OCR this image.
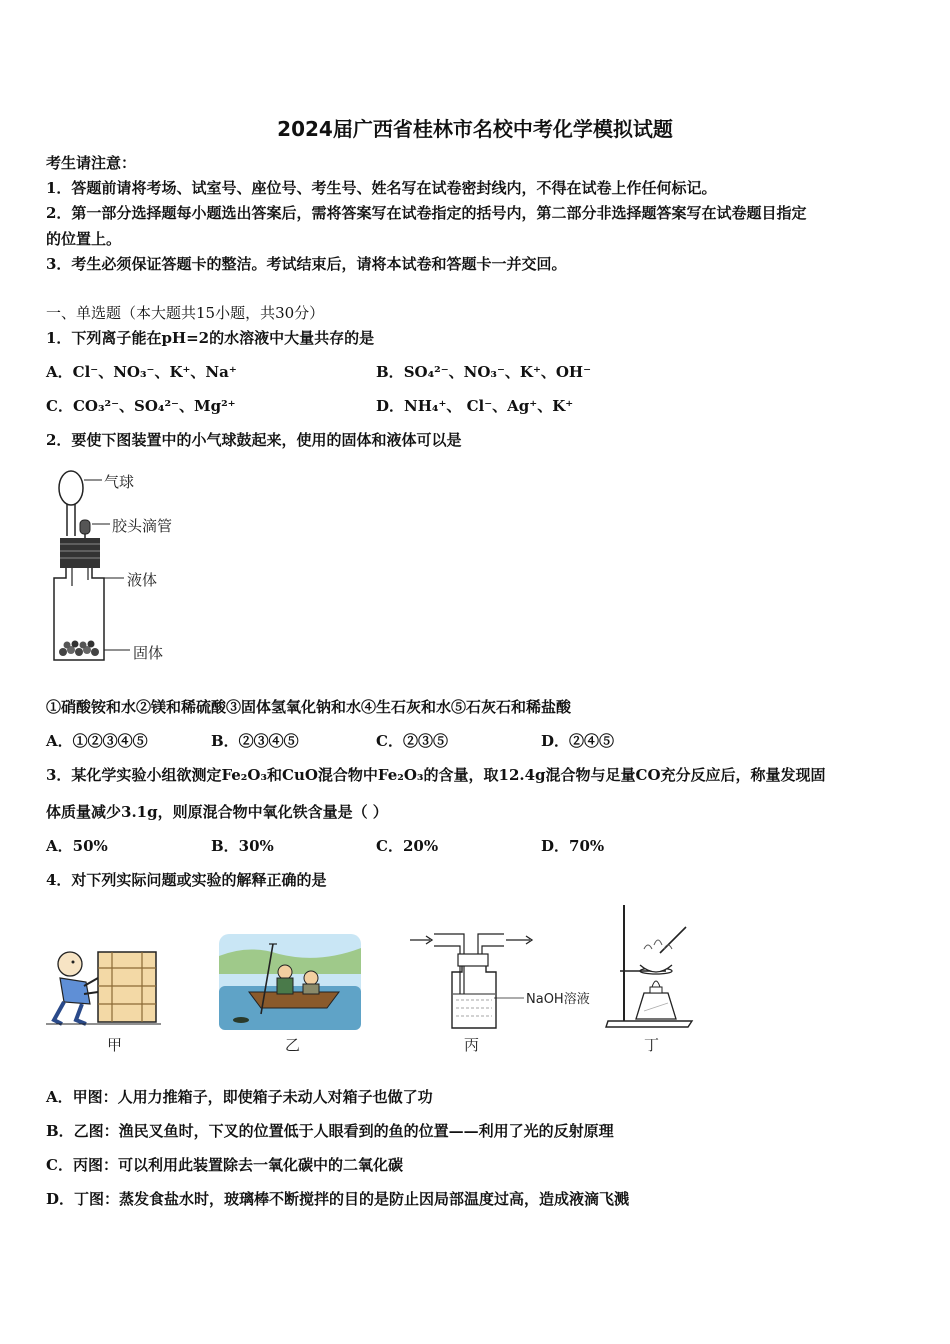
2024届广西省桂林市名校中考化学模拟试题
考生请注意：
1．答题前请将考场、试室号、座位号、考生号、姓名写在试卷密封线内，不得在试卷上作任何标记。
2．第一部分选择题每小题选出答案后，需将答案写在试卷指定的括号内，第二部分非选择题答案写在试卷题目指定
的位置上。
3．考生必须保证答题卡的整洁。考试结束后，请将本试卷和答题卡一并交回。
一、单选题（本大题共15小题，共30分）
1．下列离子能在pH=2的水溶液中大量共存的是
A．Cl⁻、NO₃⁻、K⁺、Na⁺	B．SO₄²⁻、NO₃⁻、K⁺、OH⁻
C．CO₃²⁻、SO₄²⁻、Mg²⁺	D．NH₄⁺、 Cl⁻、Ag⁺、K⁺
2．要使下图装置中的小气球鼓起来，使用的固体和液体可以是
气球
胶头滴管
液体
固体
①硝酸铵和水②镁和稀硫酸③固体氢氧化钠和水④生石灰和水⑤石灰石和稀盐酸
A．①②③④⑤	B．②③④⑤	C．②③⑤	D．②④⑤
3．某化学实验小组欲测定Fe₂O₃和CuO混合物中Fe₂O₃的含量，取12.4g混合物与足量CO充分反应后，称量发现固
体质量减少3.1g，则原混合物中氧化铁含量是（ ）
A．50%	B．30%	C．20%	D．70%
4．对下列实际问题或实验的解释正确的是
甲	乙
NaOH溶液
丙	丁
A．甲图：人用力推箱子，即使箱子未动人对箱子也做了功
B．乙图：渔民叉鱼时，下叉的位置低于人眼看到的鱼的位置——利用了光的反射原理
C．丙图：可以利用此装置除去一氧化碳中的二氧化碳
D．丁图：蒸发食盐水时，玻璃棒不断搅拌的目的是防止因局部温度过高，造成液滴飞溅
